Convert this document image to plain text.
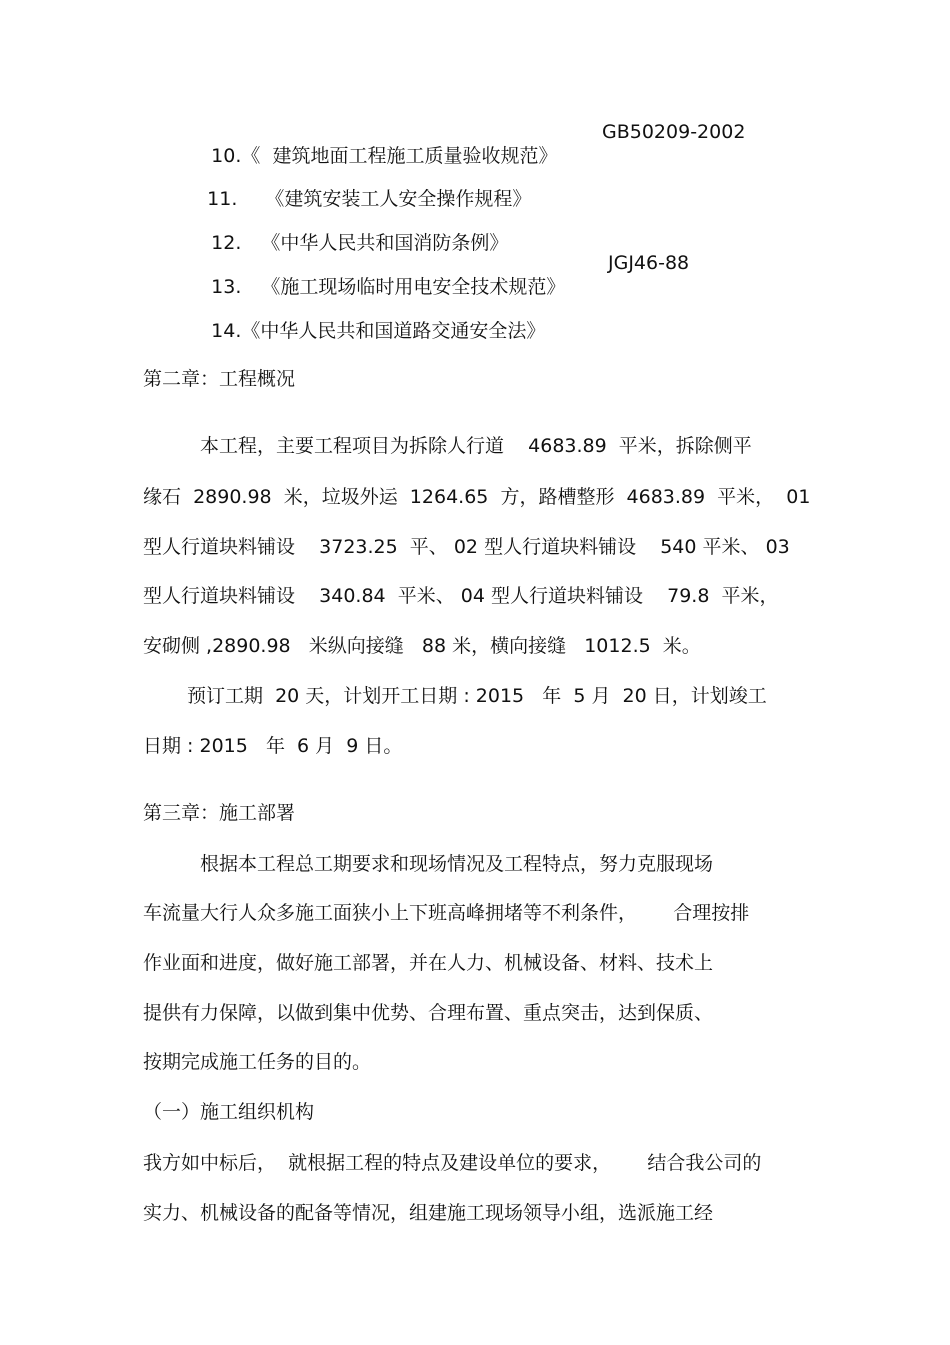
10.《  建筑地面工程施工质量验收规范》

GB50209-2002

11. 《建筑安装工人安全操作规程》

12. 《中华人民共和国消防条例》

13. 《施工现场临时用电安全技术规范》

JGJ46-88

14.《中华人民共和国道路交通安全法》

第二章：工程概况
本工程，主要工程项目为拆除人行道    4683.89  平米，拆除侧平
缘石  2890.98  米，垃圾外运  1264.65  方，路槽整形  4683.89  平米，  01
型人行道块料铺设    3723.25  平、 02 型人行道块料铺设    540 平米、 03
型人行道块料铺设    340.84  平米、 04 型人行道块料铺设    79.8  平米，
安砌侧 ,2890.98   米纵向接缝   88 米，横向接缝   1012.5  米。
预订工期  20 天，计划开工日期 : 2015   年  5 月  20 日，计划竣工
日期 : 2015   年  6 月  9 日。
第三章：施工部署
根据本工程总工期要求和现场情况及工程特点，努力克服现场
车流量大行人众多施工面狭小上下班高峰拥堵等不利条件，      合理按排
作业面和进度，做好施工部署，并在人力、机械设备、材料、技术上
提供有力保障，以做到集中优势、合理布置、重点突击，达到保质、
按期完成施工任务的目的。
（一）施工组织机构
我方如中标后，  就根据工程的特点及建设单位的要求，      结合我公司的
实力、机械设备的配备等情况，组建施工现场领导小组，选派施工经
